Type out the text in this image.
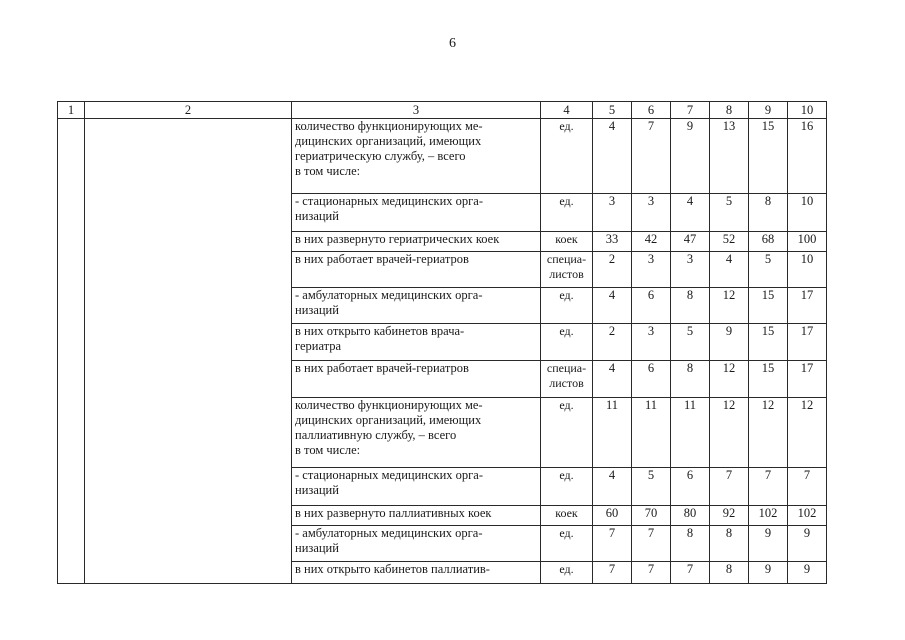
6
1	2	3	4	5	6	7	8	9	10
		количество функционирующих ме-
дицинских организаций, имеющих
гериатрическую службу, – всего
в том числе:	ед.	4	7	9	13	15	16
		- стационарных медицинских орга-
низаций	ед.	3	3	4	5	8	10
		в них развернуто гериатрических коек	коек	33	42	47	52	68	100
		в них работает врачей-гериатров	специа-
листов	2	3	3	4	5	10
		- амбулаторных медицинских орга-
низаций	ед.	4	6	8	12	15	17
		в них открыто кабинетов врача-
гериатра	ед.	2	3	5	9	15	17
		в них работает врачей-гериатров	специа-
листов	4	6	8	12	15	17
		количество функционирующих ме-
дицинских организаций, имеющих
паллиативную службу, – всего
в том числе:	ед.	11	11	11	12	12	12
		- стационарных медицинских орга-
низаций	ед.	4	5	6	7	7	7
		в них развернуто паллиативных коек	коек	60	70	80	92	102	102
		- амбулаторных медицинских орга-
низаций	ед.	7	7	8	8	9	9
		в них открыто кабинетов паллиатив-	ед.	7	7	7	8	9	9
